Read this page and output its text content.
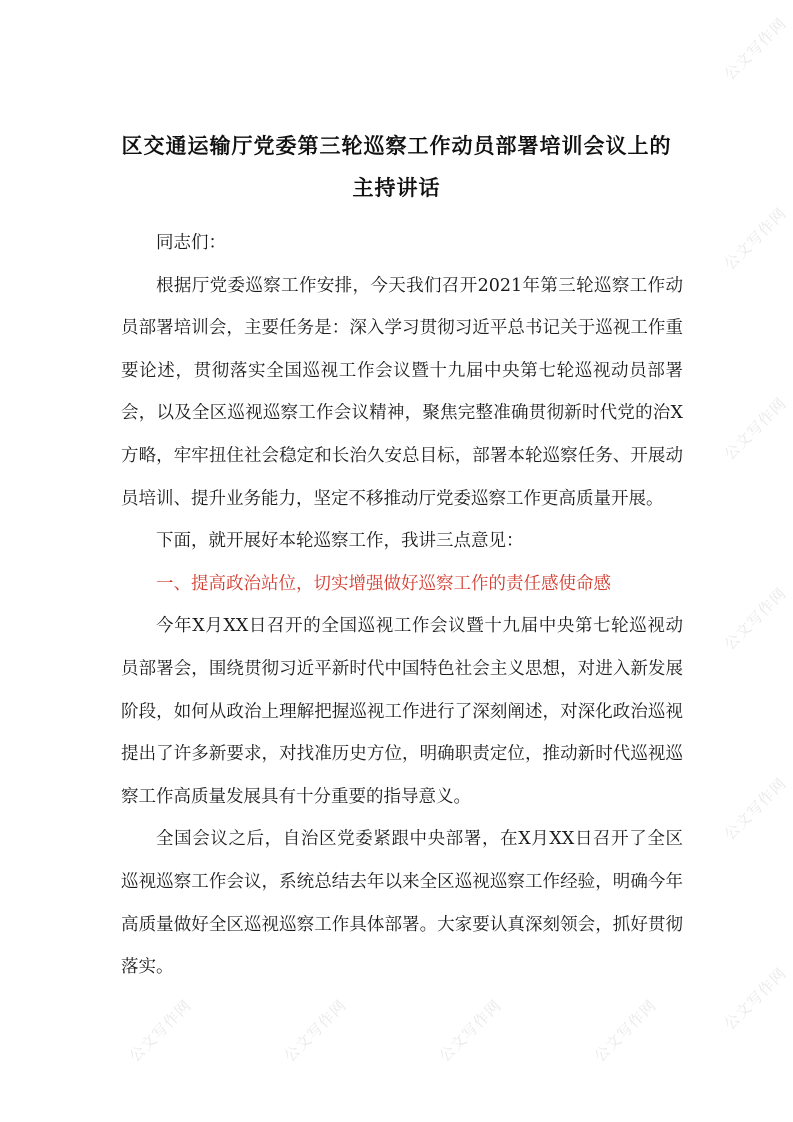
公文写作网
公文写作网
公文写作网
公文写作网
公文写作网
公文写作网
公文写作网
公文写作网
公文写作网
公文写作网
区交通运输厅党委第三轮巡察工作动员部署培训会议上的
主持讲话

同志们：

根据厅党委巡察工作安排，今天我们召开2021年第三轮巡察工作动员部署培训会，主要任务是：深入学习贯彻习近平总书记关于巡视工作重要论述，贯彻落实全国巡视工作会议暨十九届中央第七轮巡视动员部署会，以及全区巡视巡察工作会议精神，聚焦完整准确贯彻新时代党的治X方略，牢牢扭住社会稳定和长治久安总目标，部署本轮巡察任务、开展动员培训、提升业务能力，坚定不移推动厅党委巡察工作更高质量开展。

下面，就开展好本轮巡察工作，我讲三点意见：

一、提高政治站位，切实增强做好巡察工作的责任感使命感

今年X月XX日召开的全国巡视工作会议暨十九届中央第七轮巡视动员部署会，围绕贯彻习近平新时代中国特色社会主义思想，对进入新发展阶段，如何从政治上理解把握巡视工作进行了深刻阐述，对深化政治巡视提出了许多新要求，对找准历史方位，明确职责定位，推动新时代巡视巡察工作高质量发展具有十分重要的指导意义。

全国会议之后，自治区党委紧跟中央部署，在X月XX日召开了全区巡视巡察工作会议，系统总结去年以来全区巡视巡察工作经验，明确今年高质量做好全区巡视巡察工作具体部署。大家要认真深刻领会，抓好贯彻落实。
